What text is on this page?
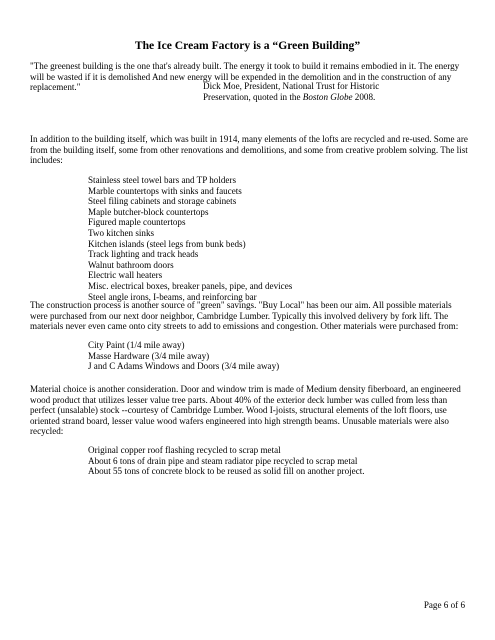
The Ice Cream Factory is a “Green Building”

"The greenest building is the one that's already built. The energy it took to build it remains embodied in it. The energy will be wasted if it is demolished And new energy will be expended in the demolition and in the construction of any replacement."	Dick Moe, President, National Trust for Historic
Preservation, quoted in the Boston Globe 2008.

In addition to the building itself, which was built in 1914, many elements of the lofts are recycled and re-used. Some are from the building itself, some from other renovations and demolitions, and some from creative problem solving. The list includes:

Stainless steel towel bars and TP holders
Marble countertops with sinks and faucets
Steel filing cabinets and storage cabinets
Maple butcher-block countertops
Figured maple countertops
Two kitchen sinks
Kitchen islands (steel legs from bunk beds)
Track lighting and track heads
Walnut bathroom doors
Electric wall heaters
Misc. electrical boxes, breaker panels, pipe, and devices
Steel angle irons, I-beams, and reinforcing bar

The construction process is another source of "green" savings. "Buy Local" has been our aim. All possible materials were purchased from our next door neighbor, Cambridge Lumber. Typically this involved delivery by fork lift. The materials never even came onto city streets to add to emissions and congestion. Other materials were purchased from:

City Paint (1/4 mile away)
Masse Hardware (3/4 mile away)
J and C Adams Windows and Doors (3/4 mile away)

Material choice is another consideration. Door and window trim is made of Medium density fiberboard, an engineered wood product that utilizes lesser value tree parts. About 40% of the exterior deck lumber was culled from less than perfect (unsalable) stock --courtesy of Cambridge Lumber. Wood I-joists, structural elements of the loft floors, use oriented strand board, lesser value wood wafers engineered into high strength beams. Unusable materials were also recycled:

Original copper roof flashing recycled to scrap metal
About 6 tons of drain pipe and steam radiator pipe recycled to scrap metal
About 55 tons of concrete block to be reused as solid fill on another project.
Page 6 of 6
